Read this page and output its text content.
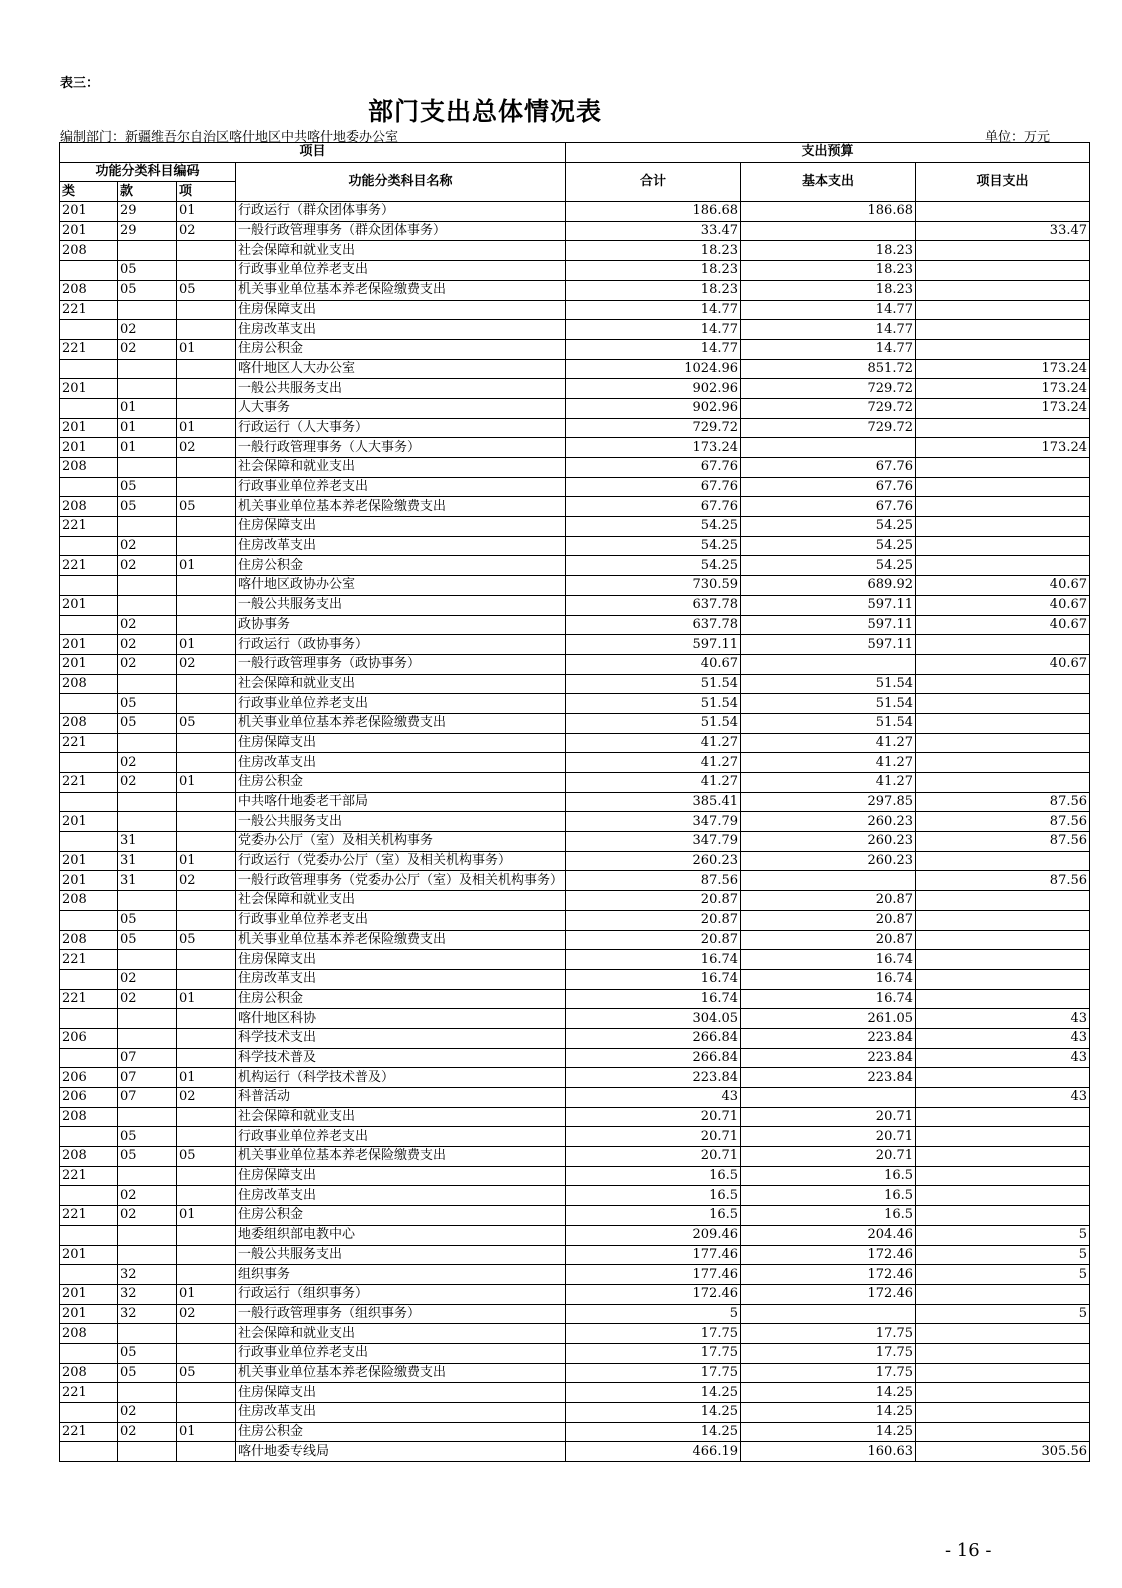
表三：
部门支出总体情况表
编制部门：新疆维吾尔自治区喀什地区中共喀什地委办公室	单位：万元
项目				支出预算		
功能分类科目编码			功能分类科目名称	合计	基本支出	项目支出
类	款	项				
201	29	01	行政运行（群众团体事务）	186.68	186.68	
201	29	02	一般行政管理事务（群众团体事务）	33.47		33.47
208			社会保障和就业支出	18.23	18.23	
	05		行政事业单位养老支出	18.23	18.23	
208	05	05	机关事业单位基本养老保险缴费支出	18.23	18.23	
221			住房保障支出	14.77	14.77	
	02		住房改革支出	14.77	14.77	
221	02	01	住房公积金	14.77	14.77	
			喀什地区人大办公室	1024.96	851.72	173.24
201			一般公共服务支出	902.96	729.72	173.24
	01		人大事务	902.96	729.72	173.24
201	01	01	行政运行（人大事务）	729.72	729.72	
201	01	02	一般行政管理事务（人大事务）	173.24		173.24
208			社会保障和就业支出	67.76	67.76	
	05		行政事业单位养老支出	67.76	67.76	
208	05	05	机关事业单位基本养老保险缴费支出	67.76	67.76	
221			住房保障支出	54.25	54.25	
	02		住房改革支出	54.25	54.25	
221	02	01	住房公积金	54.25	54.25	
			喀什地区政协办公室	730.59	689.92	40.67
201			一般公共服务支出	637.78	597.11	40.67
	02		政协事务	637.78	597.11	40.67
201	02	01	行政运行（政协事务）	597.11	597.11	
201	02	02	一般行政管理事务（政协事务）	40.67		40.67
208			社会保障和就业支出	51.54	51.54	
	05		行政事业单位养老支出	51.54	51.54	
208	05	05	机关事业单位基本养老保险缴费支出	51.54	51.54	
221			住房保障支出	41.27	41.27	
	02		住房改革支出	41.27	41.27	
221	02	01	住房公积金	41.27	41.27	
			中共喀什地委老干部局	385.41	297.85	87.56
201			一般公共服务支出	347.79	260.23	87.56
	31		党委办公厅（室）及相关机构事务	347.79	260.23	87.56
201	31	01	行政运行（党委办公厅（室）及相关机构事务）	260.23	260.23	
201	31	02	一般行政管理事务（党委办公厅（室）及相关机构事务）	87.56		87.56
208			社会保障和就业支出	20.87	20.87	
	05		行政事业单位养老支出	20.87	20.87	
208	05	05	机关事业单位基本养老保险缴费支出	20.87	20.87	
221			住房保障支出	16.74	16.74	
	02		住房改革支出	16.74	16.74	
221	02	01	住房公积金	16.74	16.74	
			喀什地区科协	304.05	261.05	43
206			科学技术支出	266.84	223.84	43
	07		科学技术普及	266.84	223.84	43
206	07	01	机构运行（科学技术普及）	223.84	223.84	
206	07	02	科普活动	43		43
208			社会保障和就业支出	20.71	20.71	
	05		行政事业单位养老支出	20.71	20.71	
208	05	05	机关事业单位基本养老保险缴费支出	20.71	20.71	
221			住房保障支出	16.5	16.5	
	02		住房改革支出	16.5	16.5	
221	02	01	住房公积金	16.5	16.5	
			地委组织部电教中心	209.46	204.46	5
201			一般公共服务支出	177.46	172.46	5
	32		组织事务	177.46	172.46	5
201	32	01	行政运行（组织事务）	172.46	172.46	
201	32	02	一般行政管理事务（组织事务）	5		5
208			社会保障和就业支出	17.75	17.75	
	05		行政事业单位养老支出	17.75	17.75	
208	05	05	机关事业单位基本养老保险缴费支出	17.75	17.75	
221			住房保障支出	14.25	14.25	
	02		住房改革支出	14.25	14.25	
221	02	01	住房公积金	14.25	14.25	
			喀什地委专线局	466.19	160.63	305.56
- 16 -
